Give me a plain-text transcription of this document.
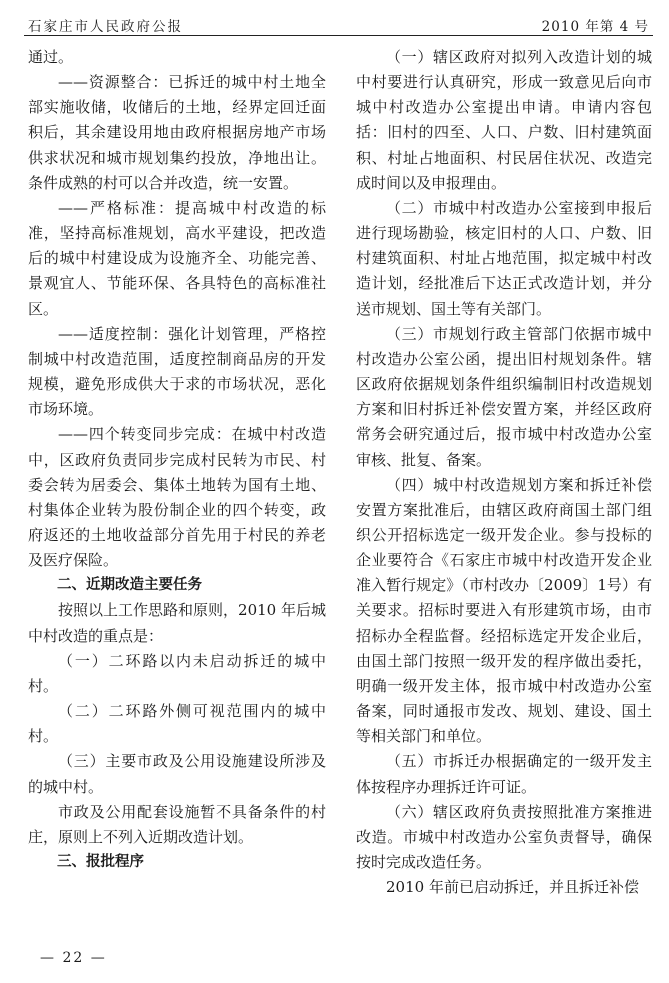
石家庄市人民政府公报	2010 年第 4 号

通过。

——资源整合：已拆迁的城中村土地全部实施收储，收储后的土地，经界定回迁面积后，其余建设用地由政府根据房地产市场供求状况和城市规划集约投放，净地出让。条件成熟的村可以合并改造，统一安置。

——严格标准：提高城中村改造的标准，坚持高标准规划，高水平建设，把改造后的城中村建设成为设施齐全、功能完善、景观宜人、节能环保、各具特色的高标准社区。

——适度控制：强化计划管理，严格控制城中村改造范围，适度控制商品房的开发规模，避免形成供大于求的市场状况，恶化市场环境。

——四个转变同步完成：在城中村改造中，区政府负责同步完成村民转为市民、村委会转为居委会、集体土地转为国有土地、村集体企业转为股份制企业的四个转变，政府返还的土地收益部分首先用于村民的养老及医疗保险。

二、近期改造主要任务

按照以上工作思路和原则，2010 年后城中村改造的重点是：

（一）二环路以内未启动拆迁的城中村。

（二）二环路外侧可视范围内的城中村。

（三）主要市政及公用设施建设所涉及的城中村。

市政及公用配套设施暂不具备条件的村庄，原则上不列入近期改造计划。

三、报批程序

（一）辖区政府对拟列入改造计划的城中村要进行认真研究，形成一致意见后向市城中村改造办公室提出申请。申请内容包括：旧村的四至、人口、户数、旧村建筑面积、村址占地面积、村民居住状况、改造完成时间以及申报理由。

（二）市城中村改造办公室接到申报后进行现场勘验，核定旧村的人口、户数、旧村建筑面积、村址占地范围，拟定城中村改造计划，经批准后下达正式改造计划，并分送市规划、国土等有关部门。

（三）市规划行政主管部门依据市城中村改造办公室公函，提出旧村规划条件。辖区政府依据规划条件组织编制旧村改造规划方案和旧村拆迁补偿安置方案，并经区政府常务会研究通过后，报市城中村改造办公室审核、批复、备案。

（四）城中村改造规划方案和拆迁补偿安置方案批准后，由辖区政府商国土部门组织公开招标选定一级开发企业。参与投标的企业要符合《石家庄市城中村改造开发企业准入暂行规定》（市村改办〔2009〕1号）有关要求。招标时要进入有形建筑市场，由市招标办全程监督。经招标选定开发企业后，由国土部门按照一级开发的程序做出委托，明确一级开发主体，报市城中村改造办公室备案，同时通报市发改、规划、建设、国土等相关部门和单位。

（五）市拆迁办根据确定的一级开发主体按程序办理拆迁许可证。

（六）辖区政府负责按照批准方案推进改造。市城中村改造办公室负责督导，确保按时完成改造任务。

2010 年前已启动拆迁，并且拆迁补偿

— 22 —
